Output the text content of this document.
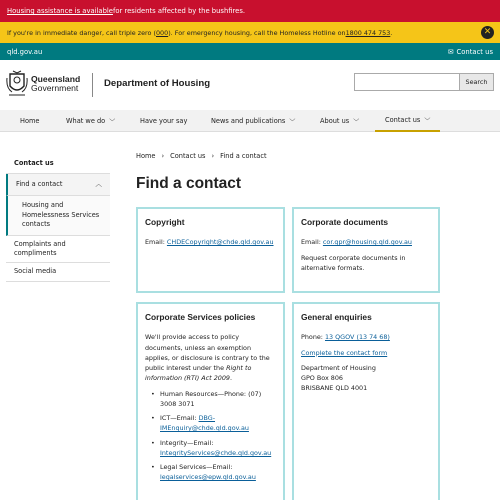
Housing assistance is available for residents affected by the bushfires.
If you're in immediate danger, call triple zero ( 000 ). For emergency housing, call the Homeless Hotline on 1800 474 753 .	✕
qld.gov.au	✉ Contact us
Queensland
Government	Department of Housing	Search
Home	What we do ﹀	Have your say	News and publications ﹀	About us ﹀	Contact us ﹀
Contact us
Find a contact	︿
Housing and Homelessness Services contacts
Complaints and compliments
Social media
Home › Contact us › Find a contact
Find a contact
Copyright

Email: CHDECopyright@chde.qld.gov.au

Corporate documents

Email: cor.gpr@housing.qld.gov.au

Request corporate documents in alternative formats.

Corporate Services policies

We'll provide access to policy documents, unless an exemption applies, or disclosure is contrary to the public interest under the Right to information (RTI) Act 2009.

• Human Resources—Phone: (07) 3008 3071
• ICT—Email: DBG-IMEnquiry@chde.qld.gov.au
• Integrity—Email: IntegrityServices@chde.qld.gov.au
• Legal Services—Email: legalservices@epw.qld.gov.au
General enquiries

Phone: 13 QGOV (13 74 68)

Complete the contact form

Department of Housing
GPO Box 806
BRISBANE QLD 4001
